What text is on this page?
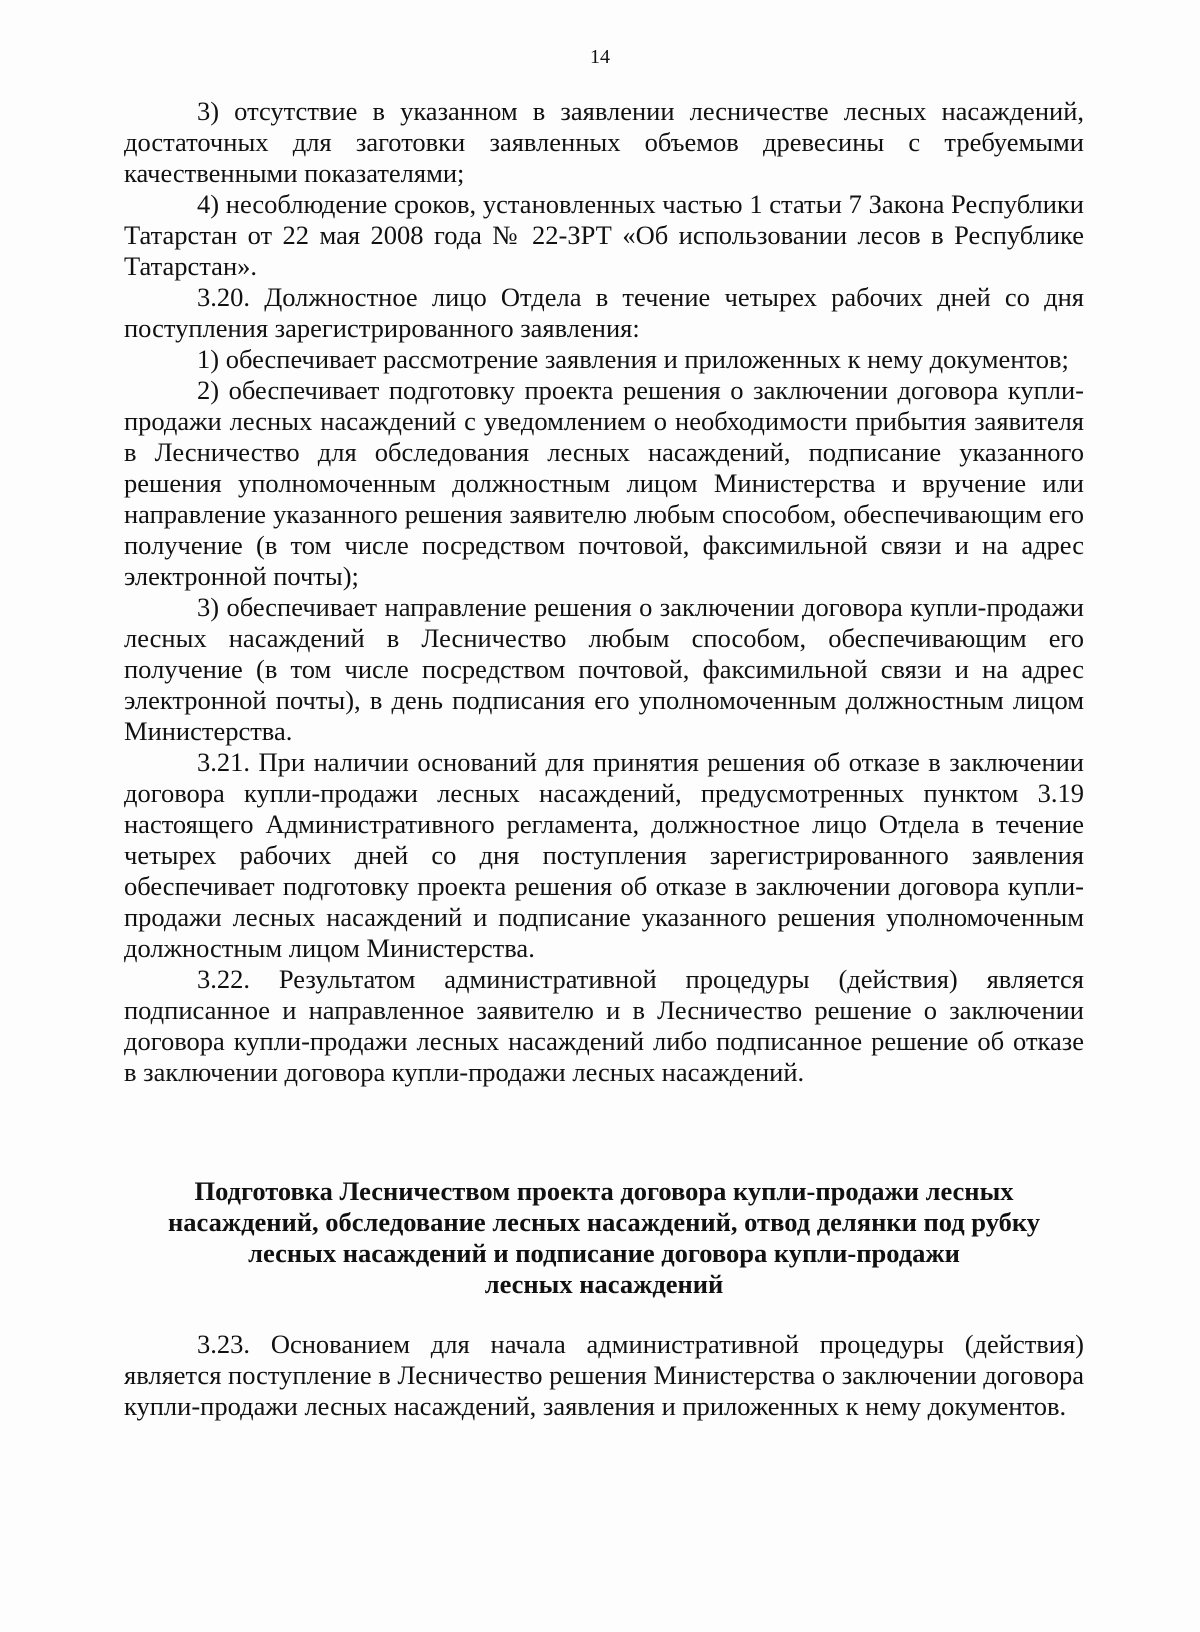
14

3) отсутствие в указанном в заявлении лесничестве лесных насаждений, достаточных для заготовки заявленных объемов древесины с требуемыми качественными показателями;

4) несоблюдение сроков, установленных частью 1 статьи 7 Закона Республики Татарстан от 22 мая 2008 года № 22-ЗРТ «Об использовании лесов в Республике Татарстан».

3.20. Должностное лицо Отдела в течение четырех рабочих дней со дня поступления зарегистрированного заявления:

1) обеспечивает рассмотрение заявления и приложенных к нему документов;

2) обеспечивает подготовку проекта решения о заключении договора купли-продажи лесных насаждений с уведомлением о необходимости прибытия заявителя в Лесничество для обследования лесных насаждений, подписание указанного решения уполномоченным должностным лицом Министерства и вручение или направление указанного решения заявителю любым способом, обеспечивающим его получение (в том числе посредством почтовой, факсимильной связи и на адрес электронной почты);

3) обеспечивает направление решения о заключении договора купли-продажи лесных насаждений в Лесничество любым способом, обеспечивающим его получение (в том числе посредством почтовой, факсимильной связи и на адрес электронной почты), в день подписания его уполномоченным должностным лицом Министерства.

3.21. При наличии оснований для принятия решения об отказе в заключении договора купли-продажи лесных насаждений, предусмотренных пунктом 3.19 настоящего Административного регламента, должностное лицо Отдела в течение четырех рабочих дней со дня поступления зарегистрированного заявления обеспечивает подготовку проекта решения об отказе в заключении договора купли-продажи лесных насаждений и подписание указанного решения уполномоченным должностным лицом Министерства.

3.22. Результатом административной процедуры (действия) является подписанное и направленное заявителю и в Лесничество решение о заключении договора купли-продажи лесных насаждений либо подписанное решение об отказе в заключении договора купли-продажи лесных насаждений.

Подготовка Лесничеством проекта договора купли-продажи лесных
насаждений, обследование лесных насаждений, отвод делянки под рубку
лесных насаждений и подписание договора купли-продажи
лесных насаждений

3.23. Основанием для начала административной процедуры (действия) является поступление в Лесничество решения Министерства о заключении договора купли-продажи лесных насаждений, заявления и приложенных к нему документов.
